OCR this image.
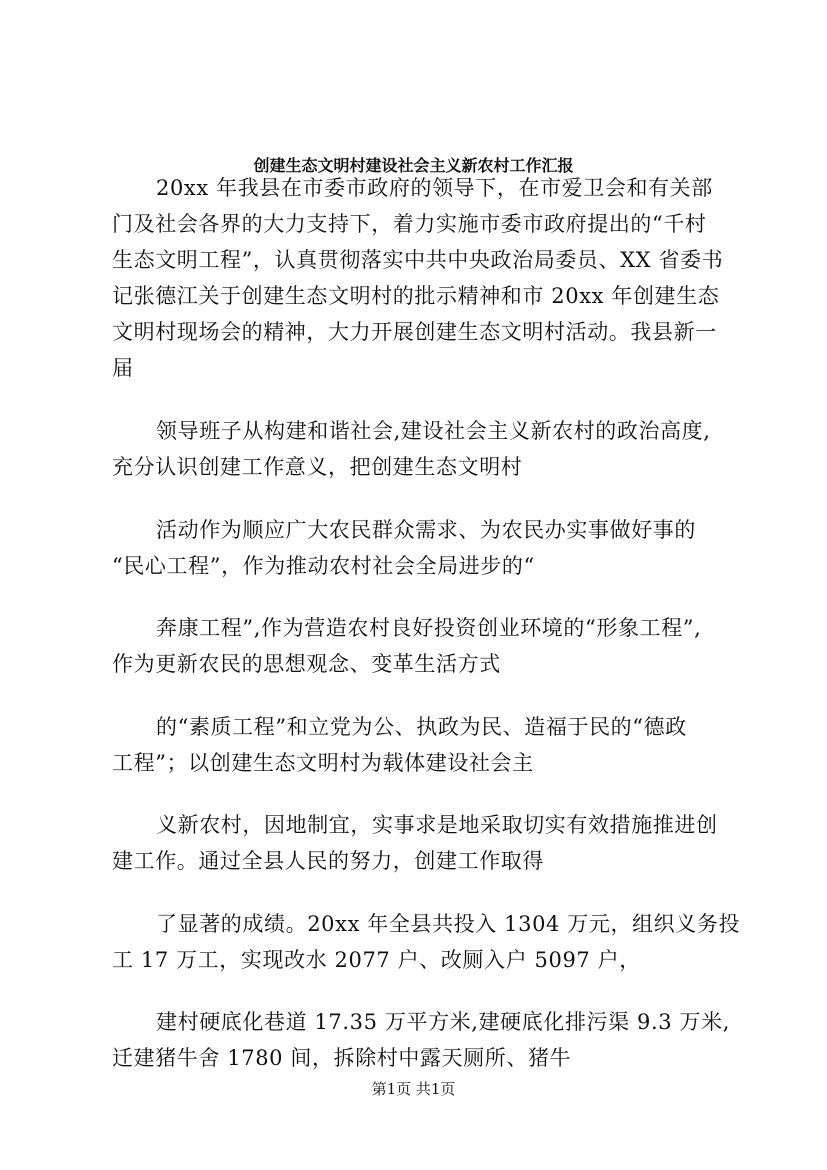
创建生态文明村建设社会主义新农村工作汇报
20xx 年我县在市委市政府的领导下，在市爱卫会和有关部
门及社会各界的大力支持下，着力实施市委市政府提出的“千村
生态文明工程”，认真贯彻落实中共中央政治局委员、XX 省委书
记张德江关于创建生态文明村的批示精神和市 20xx 年创建生态
文明村现场会的精神，大力开展创建生态文明村活动。我县新一
届
领导班子从构建和谐社会,建设社会主义新农村的政治高度,
充分认识创建工作意义，把创建生态文明村
活动作为顺应广大农民群众需求、为农民办实事做好事的
“民心工程”，作为推动农村社会全局进步的“
奔康工程”,作为营造农村良好投资创业环境的“形象工程”,
作为更新农民的思想观念、变革生活方式
的“素质工程”和立党为公、执政为民、造福于民的“德政
工程”；以创建生态文明村为载体建设社会主
义新农村，因地制宜，实事求是地采取切实有效措施推进创
建工作。通过全县人民的努力，创建工作取得
了显著的成绩。20xx 年全县共投入 1304 万元，组织义务投
工 17 万工，实现改水 2077 户、改厕入户 5097 户，
建村硬底化巷道 17.35 万平方米,建硬底化排污渠 9.3 万米,
迁建猪牛舍 1780 间，拆除村中露天厕所、猪牛
第1页 共1页
